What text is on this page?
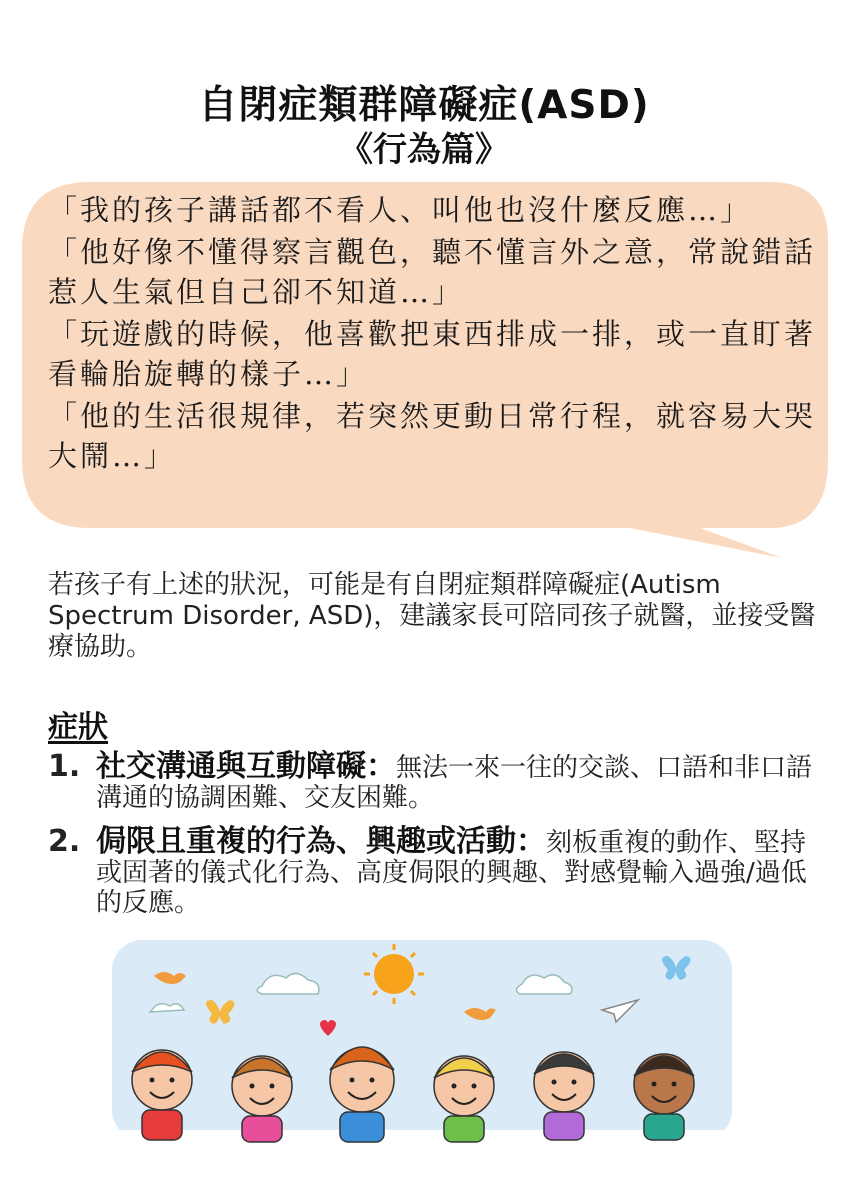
自閉症類群障礙症(ASD)
《行為篇》

「我的孩子講話都不看人、叫他也沒什麼反應…」

「他好像不懂得察言觀色，聽不懂言外之意，常說錯話惹人生氣但自己卻不知道…」

「玩遊戲的時候，他喜歡把東西排成一排，或一直盯著看輪胎旋轉的樣子…」

「他的生活很規律，若突然更動日常行程，就容易大哭大鬧…」

若孩子有上述的狀況，可能是有自閉症類群障礙症(Autism Spectrum Disorder, ASD)，建議家長可陪同孩子就醫，並接受醫療協助。

症狀
1. 社交溝通與互動障礙：無法一來一往的交談、口語和非口語溝通的協調困難、交友困難。
2. 侷限且重複的行為、興趣或活動：刻板重複的動作、堅持或固著的儀式化行為、高度侷限的興趣、對感覺輸入過強/過低的反應。
